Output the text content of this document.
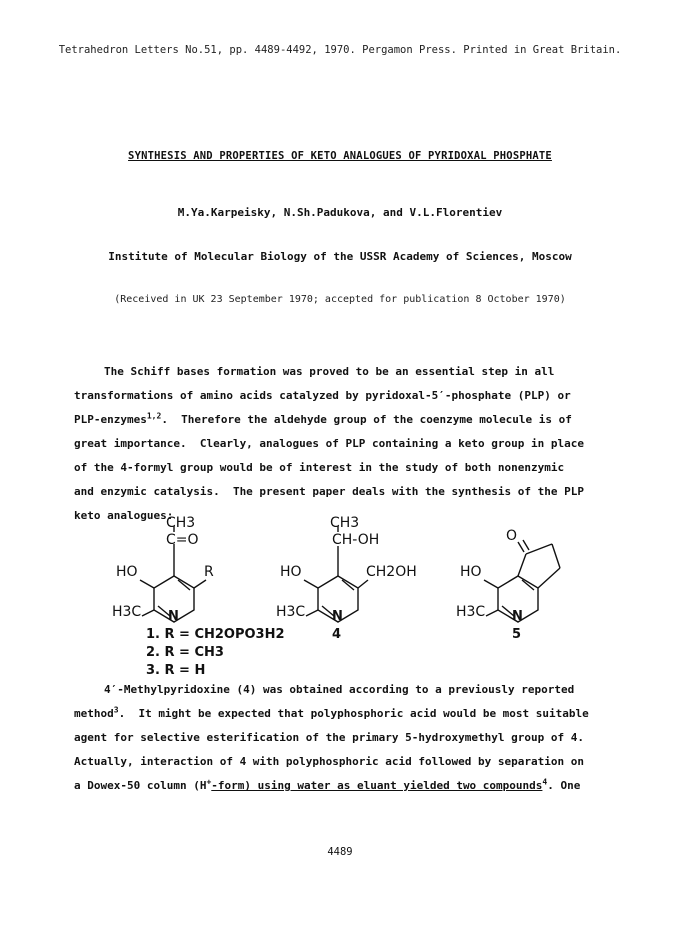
Tetrahedron Letters No.51, pp. 4489-4492, 1970. Pergamon Press. Printed in Great Britain.
SYNTHESIS AND PROPERTIES OF KETO ANALOGUES OF PYRIDOXAL PHOSPHATE
M.Ya.Karpeisky, N.Sh.Padukova, and V.L.Florentiev
Institute of Molecular Biology of the USSR Academy of Sciences, Moscow
(Received in UK 23 September 1970; accepted for publication 8 October 1970)
The Schiff bases formation was proved to be an essential step in all
transformations of amino acids catalyzed by pyridoxal-5′-phosphate (PLP) or
PLP-enzymes$^{1,2}$.  Therefore the aldehyde group of the coenzyme molecule is of
great importance.  Clearly, analogues of PLP containing a keto group in place
of the 4-formyl group would be of interest in the study of both nonenzymic
and enzymic catalysis.  The present paper deals with the synthesis of the PLP
keto analogues:
CH3
C=O
HO	R
H3C N
1. R = CH2OPO3H2
2. R = CH3
3. R = H
CH3
CH-OH
HO	CH2OH
H3C N
4
O
HO
H3C N
5
4′-Methylpyridoxine (4) was obtained according to a previously reported
method$^3$.  It might be expected that polyphosphoric acid would be most suitable
agent for selective esterification of the primary 5-hydroxymethyl group of 4.
Actually, interaction of 4 with polyphosphoric acid followed by separation on
a Dowex-50 column (H+-form) using water as eluant yielded two compounds$^4$. One
4489
